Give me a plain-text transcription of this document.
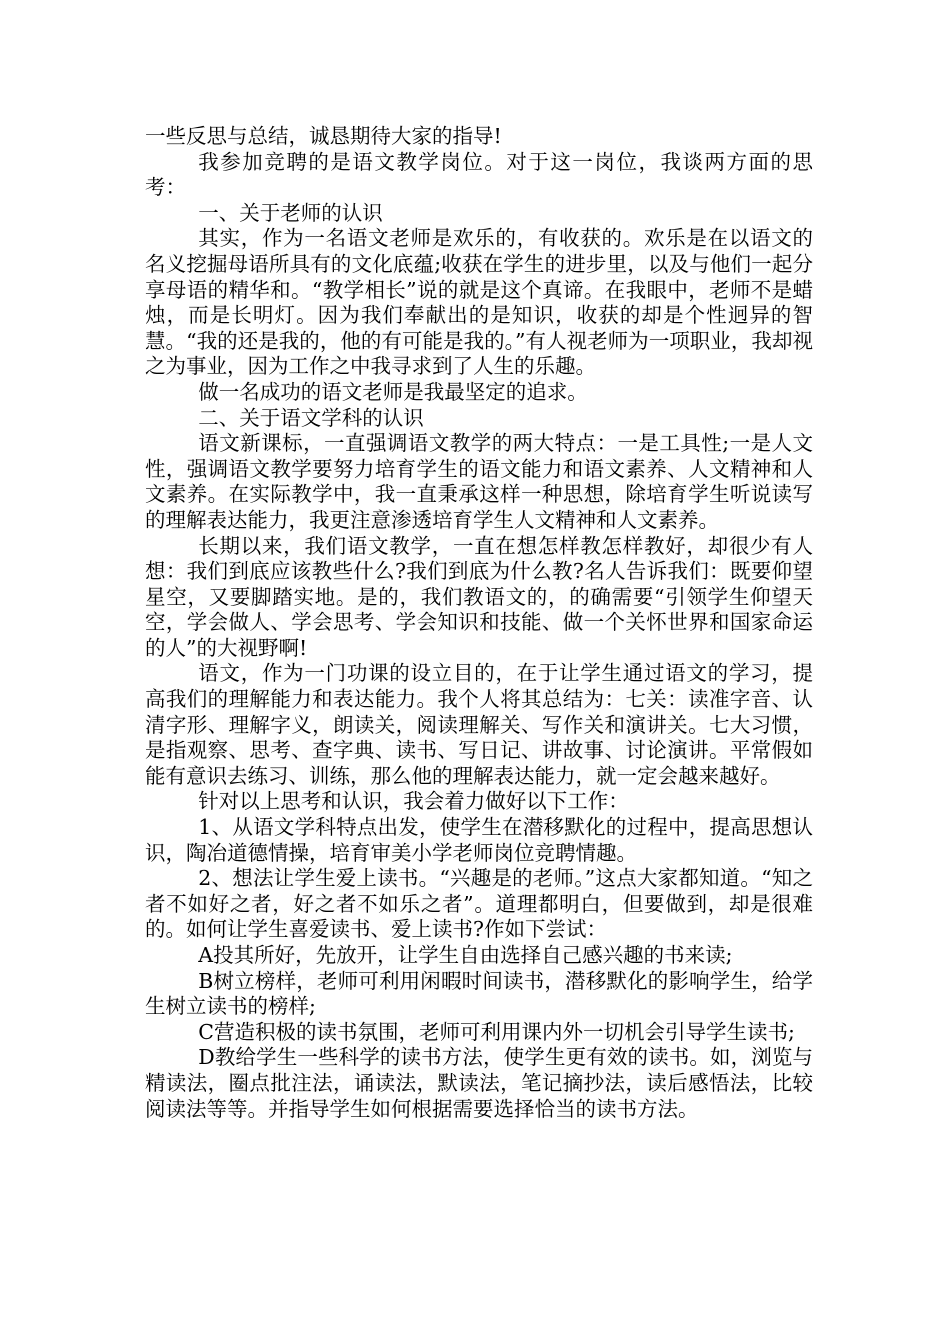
一些反思与总结，诚恳期待大家的指导!

我参加竞聘的是语文教学岗位。对于这一岗位，我谈两方面的思考：

一、关于老师的认识

其实，作为一名语文老师是欢乐的，有收获的。欢乐是在以语文的名义挖掘母语所具有的文化底蕴;收获在学生的进步里，以及与他们一起分享母语的精华和。“教学相长”说的就是这个真谛。在我眼中，老师不是蜡烛，而是长明灯。因为我们奉献出的是知识，收获的却是个性迥异的智慧。“我的还是我的，他的有可能是我的。”有人视老师为一项职业，我却视之为事业，因为工作之中我寻求到了人生的乐趣。

做一名成功的语文老师是我最坚定的追求。

二、关于语文学科的认识

语文新课标，一直强调语文教学的两大特点：一是工具性;一是人文性，强调语文教学要努力培育学生的语文能力和语文素养、人文精神和人文素养。在实际教学中，我一直秉承这样一种思想，除培育学生听说读写的理解表达能力，我更注意渗透培育学生人文精神和人文素养。

长期以来，我们语文教学，一直在想怎样教怎样教好，却很少有人想：我们到底应该教些什么?我们到底为什么教?名人告诉我们：既要仰望星空，又要脚踏实地。是的，我们教语文的，的确需要“引领学生仰望天空，学会做人、学会思考、学会知识和技能、做一个关怀世界和国家命运的人”的大视野啊!

语文，作为一门功课的设立目的，在于让学生通过语文的学习，提高我们的理解能力和表达能力。我个人将其总结为：七关：读准字音、认清字形、理解字义，朗读关，阅读理解关、写作关和演讲关。七大习惯，是指观察、思考、查字典、读书、写日记、讲故事、讨论演讲。平常假如能有意识去练习、训练，那么他的理解表达能力，就一定会越来越好。

针对以上思考和认识，我会着力做好以下工作：

1、从语文学科特点出发，使学生在潜移默化的过程中，提高思想认识，陶冶道德情操，培育审美小学老师岗位竞聘情趣。

2、想法让学生爱上读书。“兴趣是的老师。”这点大家都知道。“知之者不如好之者，好之者不如乐之者”。道理都明白，但要做到，却是很难的。如何让学生喜爱读书、爱上读书?作如下尝试：

A投其所好，先放开，让学生自由选择自己感兴趣的书来读;

B树立榜样，老师可利用闲暇时间读书，潜移默化的影响学生，给学生树立读书的榜样;

C营造积极的读书氛围，老师可利用课内外一切机会引导学生读书;

D教给学生一些科学的读书方法，使学生更有效的读书。如，浏览与精读法，圈点批注法，诵读法，默读法，笔记摘抄法，读后感悟法，比较阅读法等等。并指导学生如何根据需要选择恰当的读书方法。
